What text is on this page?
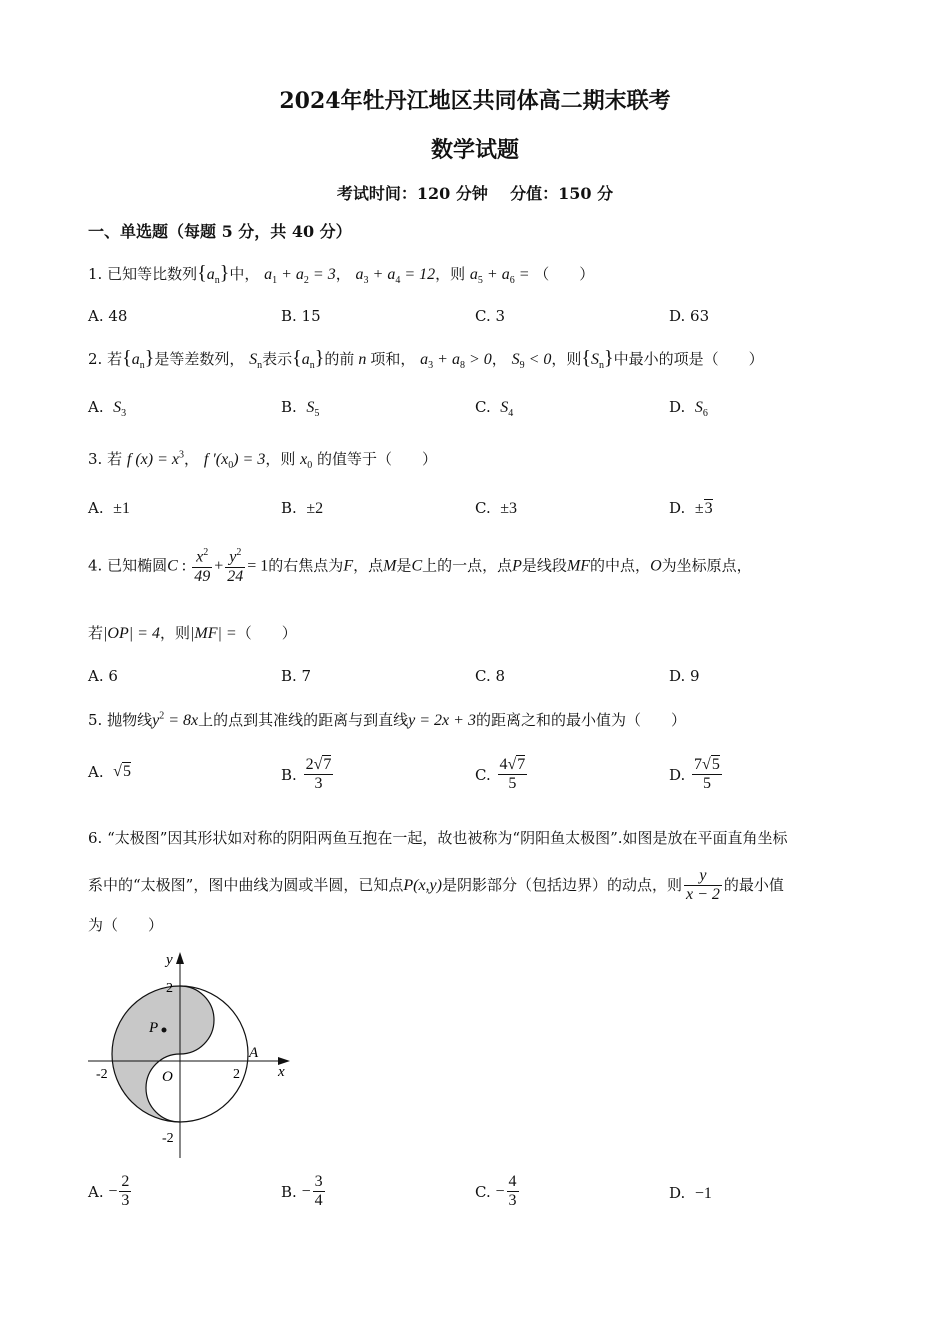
2024年牡丹江地区共同体高二期末联考
数学试题
考试时间：120 分钟    分值：150 分
一、单选题（每题 5 分，共 40 分）
1. 已知等比数列$\{a_n\}$中， $a_1 + a_2 = 3$， $a_3 + a_4 = 12$，则 $a_5 + a_6$ = （　　）
A. 48	B. 15	C. 3	D. 63
2. 若$\{a_n\}$是等差数列， $S_n$表示$\{a_n\}$的前 n 项和， $a_3 + a_8 > 0$， $S_9 < 0$，则$\{S_n\}$中最小的项是（　　）
A. $S_3$	B. $S_5$	C. $S_4$	D. $S_6$
3. 若 f $(x) = x^3$， f $'(x_0) = 3$，则 $x_0$ 的值等于（　　）
A. ±1	B. ±2	C. ±3	D. ±3
4. 已知椭圆C : $\frac{x^2}{49} + \frac{y^2}{24} = 1$的右焦点为F，点M是C上的一点，点P是线段MF的中点，O为坐标原点，
若|OP| = 4，则|MF| =（　　）
A. 6	B. 7	C. 8	D. 9
5. 抛物线$y^2 = 8x$上的点到其准线的距离与到直线y = 2x + 3的距离之和的最小值为（　　）
A. √5	B. $\frac{2√7}{3}$	C. $\frac{4√7}{5}$	D. $\frac{7√5}{5}$
6. “太极图”因其形状如对称的阴阳两鱼互抱在一起，故也被称为“阴阳鱼太极图”.如图是放在平面直角坐标
系中的“太极图”，图中曲线为圆或半圆，已知点P(x,y)是阴影部分（包括边界）的动点，则 $\frac{y}{x - 2}$ 的最小值
为（　　）
y
2
P
A
-2	O	2	x
-2
A. − $\frac{2}{3}$	B. − $\frac{3}{4}$	C. − $\frac{4}{3}$	D. −1
